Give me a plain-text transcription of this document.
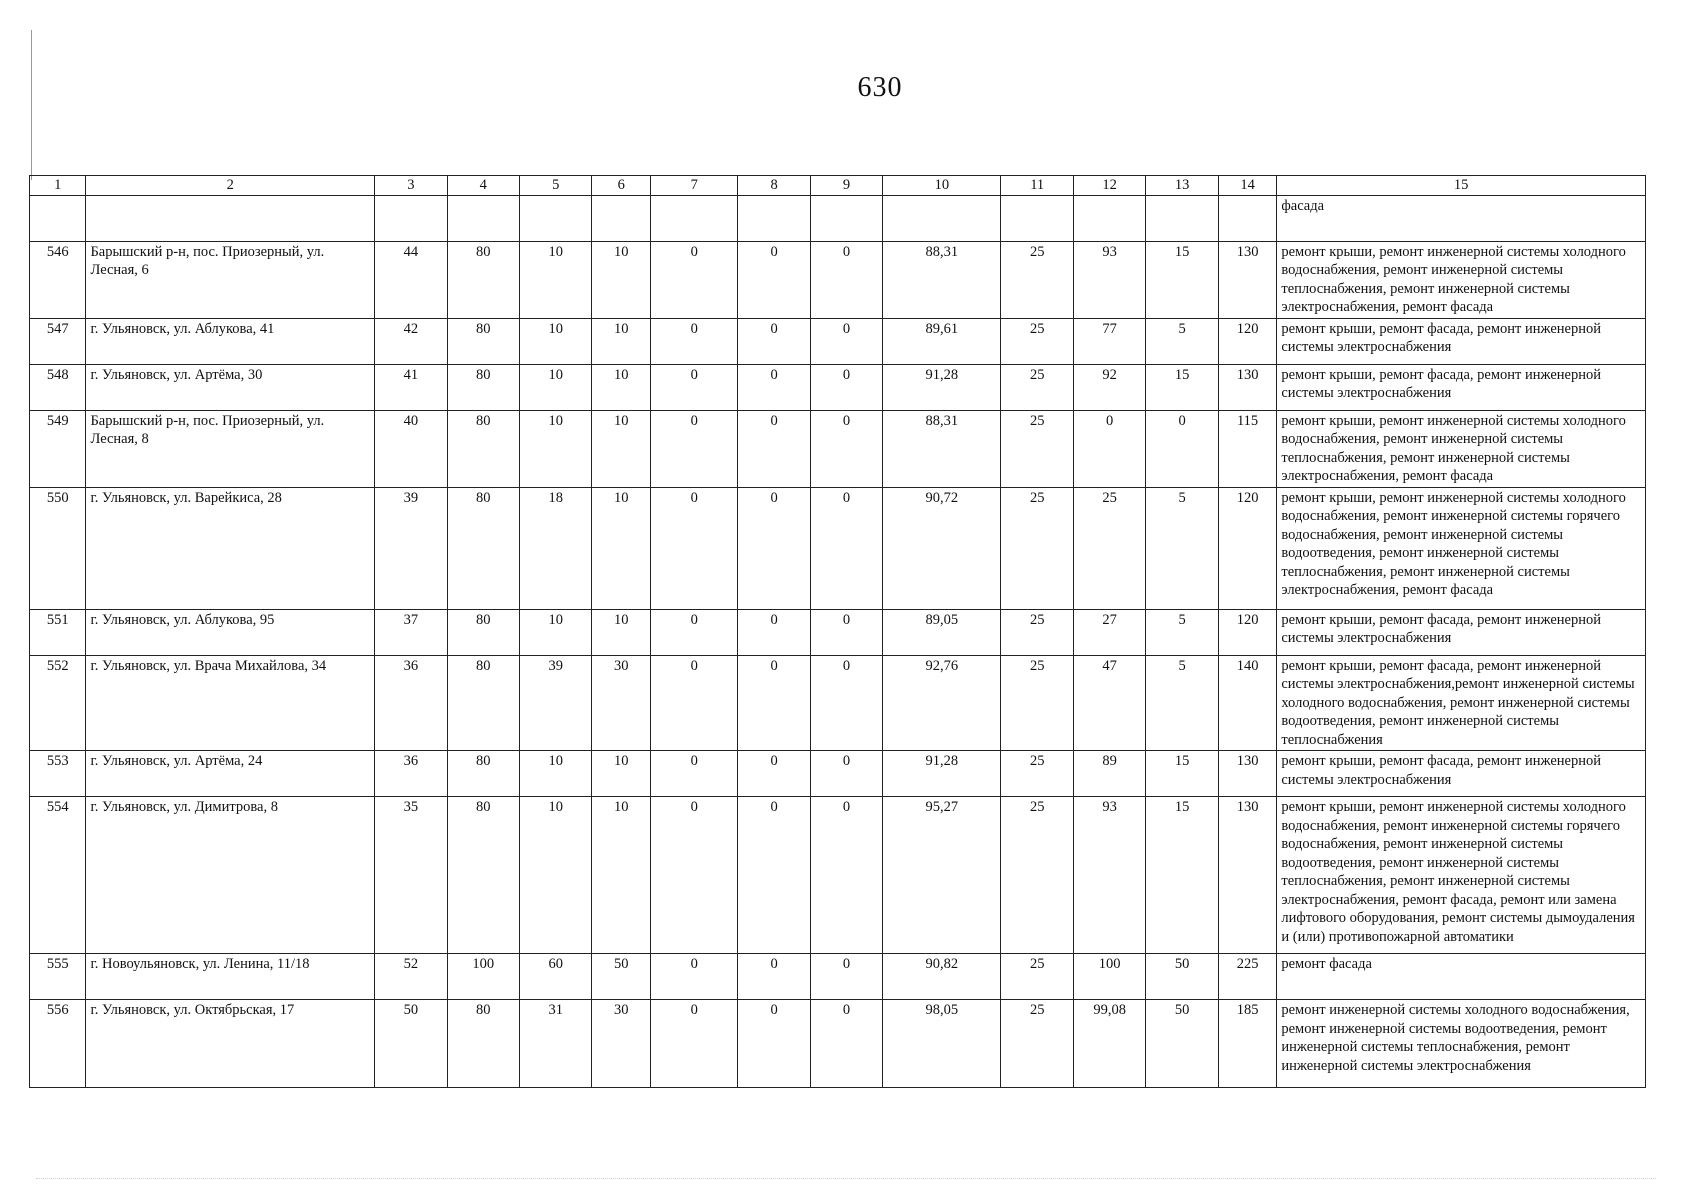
630
1	2	3	4	5	6	7	8	9	10	11	12	13	14	15
														фасада
546	Барышский р-н, пос. Приозерный, ул. Лесная, 6	44	80	10	10	0	0	0	88,31	25	93	15	130	ремонт крыши, ремонт инженерной системы холодного водоснабжения, ремонт инженерной системы теплоснабжения, ремонт инженерной системы электроснабжения, ремонт фасада
547	г. Ульяновск, ул. Аблукова, 41	42	80	10	10	0	0	0	89,61	25	77	5	120	ремонт крыши, ремонт фасада, ремонт инженерной системы электроснабжения
548	г. Ульяновск, ул. Артёма, 30	41	80	10	10	0	0	0	91,28	25	92	15	130	ремонт крыши, ремонт фасада, ремонт инженерной системы электроснабжения
549	Барышский р-н, пос. Приозерный, ул. Лесная, 8	40	80	10	10	0	0	0	88,31	25	0	0	115	ремонт крыши, ремонт инженерной системы холодного водоснабжения, ремонт инженерной системы теплоснабжения, ремонт инженерной системы электроснабжения, ремонт фасада
550	г. Ульяновск, ул. Варейкиса, 28	39	80	18	10	0	0	0	90,72	25	25	5	120	ремонт крыши, ремонт инженерной системы холодного водоснабжения, ремонт инженерной системы горячего водоснабжения, ремонт инженерной системы водоотведения, ремонт инженерной системы теплоснабжения, ремонт инженерной системы электроснабжения, ремонт фасада
551	г. Ульяновск, ул. Аблукова, 95	37	80	10	10	0	0	0	89,05	25	27	5	120	ремонт крыши, ремонт фасада, ремонт инженерной системы электроснабжения
552	г. Ульяновск, ул. Врача Михайлова, 34	36	80	39	30	0	0	0	92,76	25	47	5	140	ремонт крыши, ремонт фасада, ремонт инженерной системы электроснабжения,ремонт инженерной системы холодного водоснабжения, ремонт инженерной системы водоотведения, ремонт инженерной системы теплоснабжения
553	г. Ульяновск, ул. Артёма, 24	36	80	10	10	0	0	0	91,28	25	89	15	130	ремонт крыши, ремонт фасада, ремонт инженерной системы электроснабжения
554	г. Ульяновск, ул. Димитрова, 8	35	80	10	10	0	0	0	95,27	25	93	15	130	ремонт крыши, ремонт инженерной системы холодного водоснабжения, ремонт инженерной системы горячего водоснабжения, ремонт инженерной системы водоотведения, ремонт инженерной системы теплоснабжения, ремонт инженерной системы электроснабжения, ремонт фасада, ремонт или замена лифтового оборудования, ремонт системы дымоудаления и (или) противопожарной автоматики
555	г. Новоульяновск, ул. Ленина, 11/18	52	100	60	50	0	0	0	90,82	25	100	50	225	ремонт фасада
556	г. Ульяновск, ул. Октябрьская, 17	50	80	31	30	0	0	0	98,05	25	99,08	50	185	ремонт инженерной системы холодного водоснабжения, ремонт инженерной системы водоотведения, ремонт инженерной системы теплоснабжения, ремонт инженерной системы электроснабжения
